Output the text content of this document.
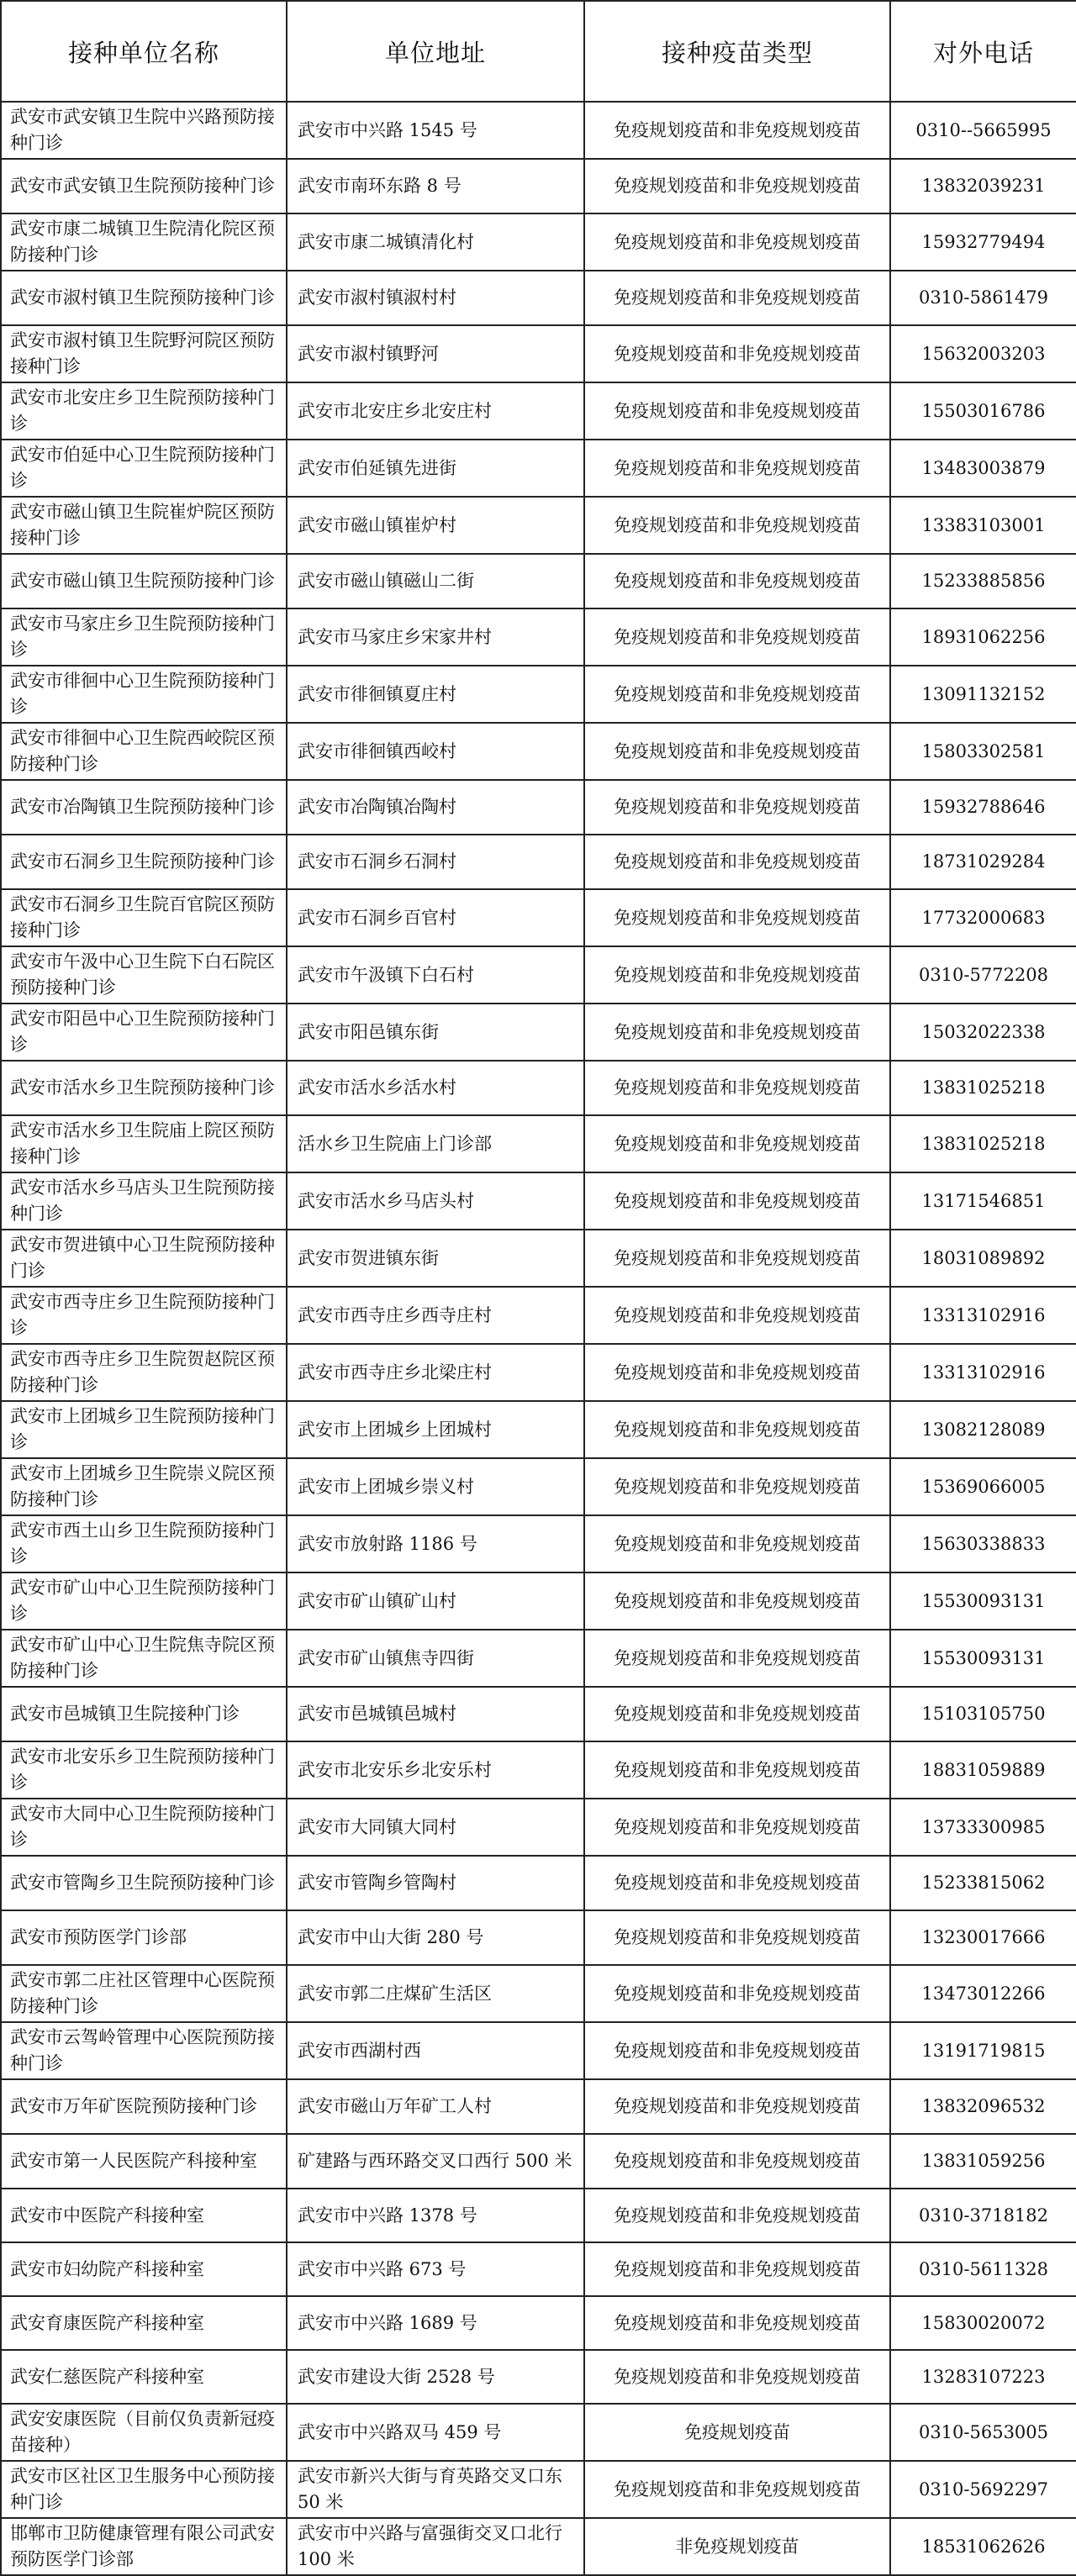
接种单位名称	单位地址	接种疫苗类型	对外电话
武安市武安镇卫生院中兴路预防接种门诊	武安市中兴路 1545 号	免疫规划疫苗和非免疫规划疫苗	0310--5665995
武安市武安镇卫生院预防接种门诊	武安市南环东路 8 号	免疫规划疫苗和非免疫规划疫苗	13832039231
武安市康二城镇卫生院清化院区预防接种门诊	武安市康二城镇清化村	免疫规划疫苗和非免疫规划疫苗	15932779494
武安市淑村镇卫生院预防接种门诊	武安市淑村镇淑村村	免疫规划疫苗和非免疫规划疫苗	0310-5861479
武安市淑村镇卫生院野河院区预防接种门诊	武安市淑村镇野河	免疫规划疫苗和非免疫规划疫苗	15632003203
武安市北安庄乡卫生院预防接种门诊	武安市北安庄乡北安庄村	免疫规划疫苗和非免疫规划疫苗	15503016786
武安市伯延中心卫生院预防接种门诊	武安市伯延镇先进街	免疫规划疫苗和非免疫规划疫苗	13483003879
武安市磁山镇卫生院崔炉院区预防接种门诊	武安市磁山镇崔炉村	免疫规划疫苗和非免疫规划疫苗	13383103001
武安市磁山镇卫生院预防接种门诊	武安市磁山镇磁山二街	免疫规划疫苗和非免疫规划疫苗	15233885856
武安市马家庄乡卫生院预防接种门诊	武安市马家庄乡宋家井村	免疫规划疫苗和非免疫规划疫苗	18931062256
武安市徘徊中心卫生院预防接种门诊	武安市徘徊镇夏庄村	免疫规划疫苗和非免疫规划疫苗	13091132152
武安市徘徊中心卫生院西峧院区预防接种门诊	武安市徘徊镇西峧村	免疫规划疫苗和非免疫规划疫苗	15803302581
武安市冶陶镇卫生院预防接种门诊	武安市冶陶镇冶陶村	免疫规划疫苗和非免疫规划疫苗	15932788646
武安市石洞乡卫生院预防接种门诊	武安市石洞乡石洞村	免疫规划疫苗和非免疫规划疫苗	18731029284
武安市石洞乡卫生院百官院区预防接种门诊	武安市石洞乡百官村	免疫规划疫苗和非免疫规划疫苗	17732000683
武安市午汲中心卫生院下白石院区预防接种门诊	武安市午汲镇下白石村	免疫规划疫苗和非免疫规划疫苗	0310-5772208
武安市阳邑中心卫生院预防接种门诊	武安市阳邑镇东街	免疫规划疫苗和非免疫规划疫苗	15032022338
武安市活水乡卫生院预防接种门诊	武安市活水乡活水村	免疫规划疫苗和非免疫规划疫苗	13831025218
武安市活水乡卫生院庙上院区预防接种门诊	活水乡卫生院庙上门诊部	免疫规划疫苗和非免疫规划疫苗	13831025218
武安市活水乡马店头卫生院预防接种门诊	武安市活水乡马店头村	免疫规划疫苗和非免疫规划疫苗	13171546851
武安市贺进镇中心卫生院预防接种门诊	武安市贺进镇东街	免疫规划疫苗和非免疫规划疫苗	18031089892
武安市西寺庄乡卫生院预防接种门诊	武安市西寺庄乡西寺庄村	免疫规划疫苗和非免疫规划疫苗	13313102916
武安市西寺庄乡卫生院贺赵院区预防接种门诊	武安市西寺庄乡北梁庄村	免疫规划疫苗和非免疫规划疫苗	13313102916
武安市上团城乡卫生院预防接种门诊	武安市上团城乡上团城村	免疫规划疫苗和非免疫规划疫苗	13082128089
武安市上团城乡卫生院崇义院区预防接种门诊	武安市上团城乡崇义村	免疫规划疫苗和非免疫规划疫苗	15369066005
武安市西土山乡卫生院预防接种门诊	武安市放射路 1186 号	免疫规划疫苗和非免疫规划疫苗	15630338833
武安市矿山中心卫生院预防接种门诊	武安市矿山镇矿山村	免疫规划疫苗和非免疫规划疫苗	15530093131
武安市矿山中心卫生院焦寺院区预防接种门诊	武安市矿山镇焦寺四街	免疫规划疫苗和非免疫规划疫苗	15530093131
武安市邑城镇卫生院接种门诊	武安市邑城镇邑城村	免疫规划疫苗和非免疫规划疫苗	15103105750
武安市北安乐乡卫生院预防接种门诊	武安市北安乐乡北安乐村	免疫规划疫苗和非免疫规划疫苗	18831059889
武安市大同中心卫生院预防接种门诊	武安市大同镇大同村	免疫规划疫苗和非免疫规划疫苗	13733300985
武安市管陶乡卫生院预防接种门诊	武安市管陶乡管陶村	免疫规划疫苗和非免疫规划疫苗	15233815062
武安市预防医学门诊部	武安市中山大街 280 号	免疫规划疫苗和非免疫规划疫苗	13230017666
武安市郭二庄社区管理中心医院预防接种门诊	武安市郭二庄煤矿生活区	免疫规划疫苗和非免疫规划疫苗	13473012266
武安市云驾岭管理中心医院预防接种门诊	武安市西湖村西	免疫规划疫苗和非免疫规划疫苗	13191719815
武安市万年矿医院预防接种门诊	武安市磁山万年矿工人村	免疫规划疫苗和非免疫规划疫苗	13832096532
武安市第一人民医院产科接种室	矿建路与西环路交叉口西行 500 米	免疫规划疫苗和非免疫规划疫苗	13831059256
武安市中医院产科接种室	武安市中兴路 1378 号	免疫规划疫苗和非免疫规划疫苗	0310-3718182
武安市妇幼院产科接种室	武安市中兴路 673 号	免疫规划疫苗和非免疫规划疫苗	0310-5611328
武安育康医院产科接种室	武安市中兴路 1689 号	免疫规划疫苗和非免疫规划疫苗	15830020072
武安仁慈医院产科接种室	武安市建设大街 2528 号	免疫规划疫苗和非免疫规划疫苗	13283107223
武安安康医院（目前仅负责新冠疫苗接种）	武安市中兴路双马 459 号	免疫规划疫苗	0310-5653005
武安市区社区卫生服务中心预防接种门诊	武安市新兴大街与育英路交叉口东 50 米	免疫规划疫苗和非免疫规划疫苗	0310-5692297
邯郸市卫防健康管理有限公司武安预防医学门诊部	武安市中兴路与富强街交叉口北行 100 米	非免疫规划疫苗	18531062626
